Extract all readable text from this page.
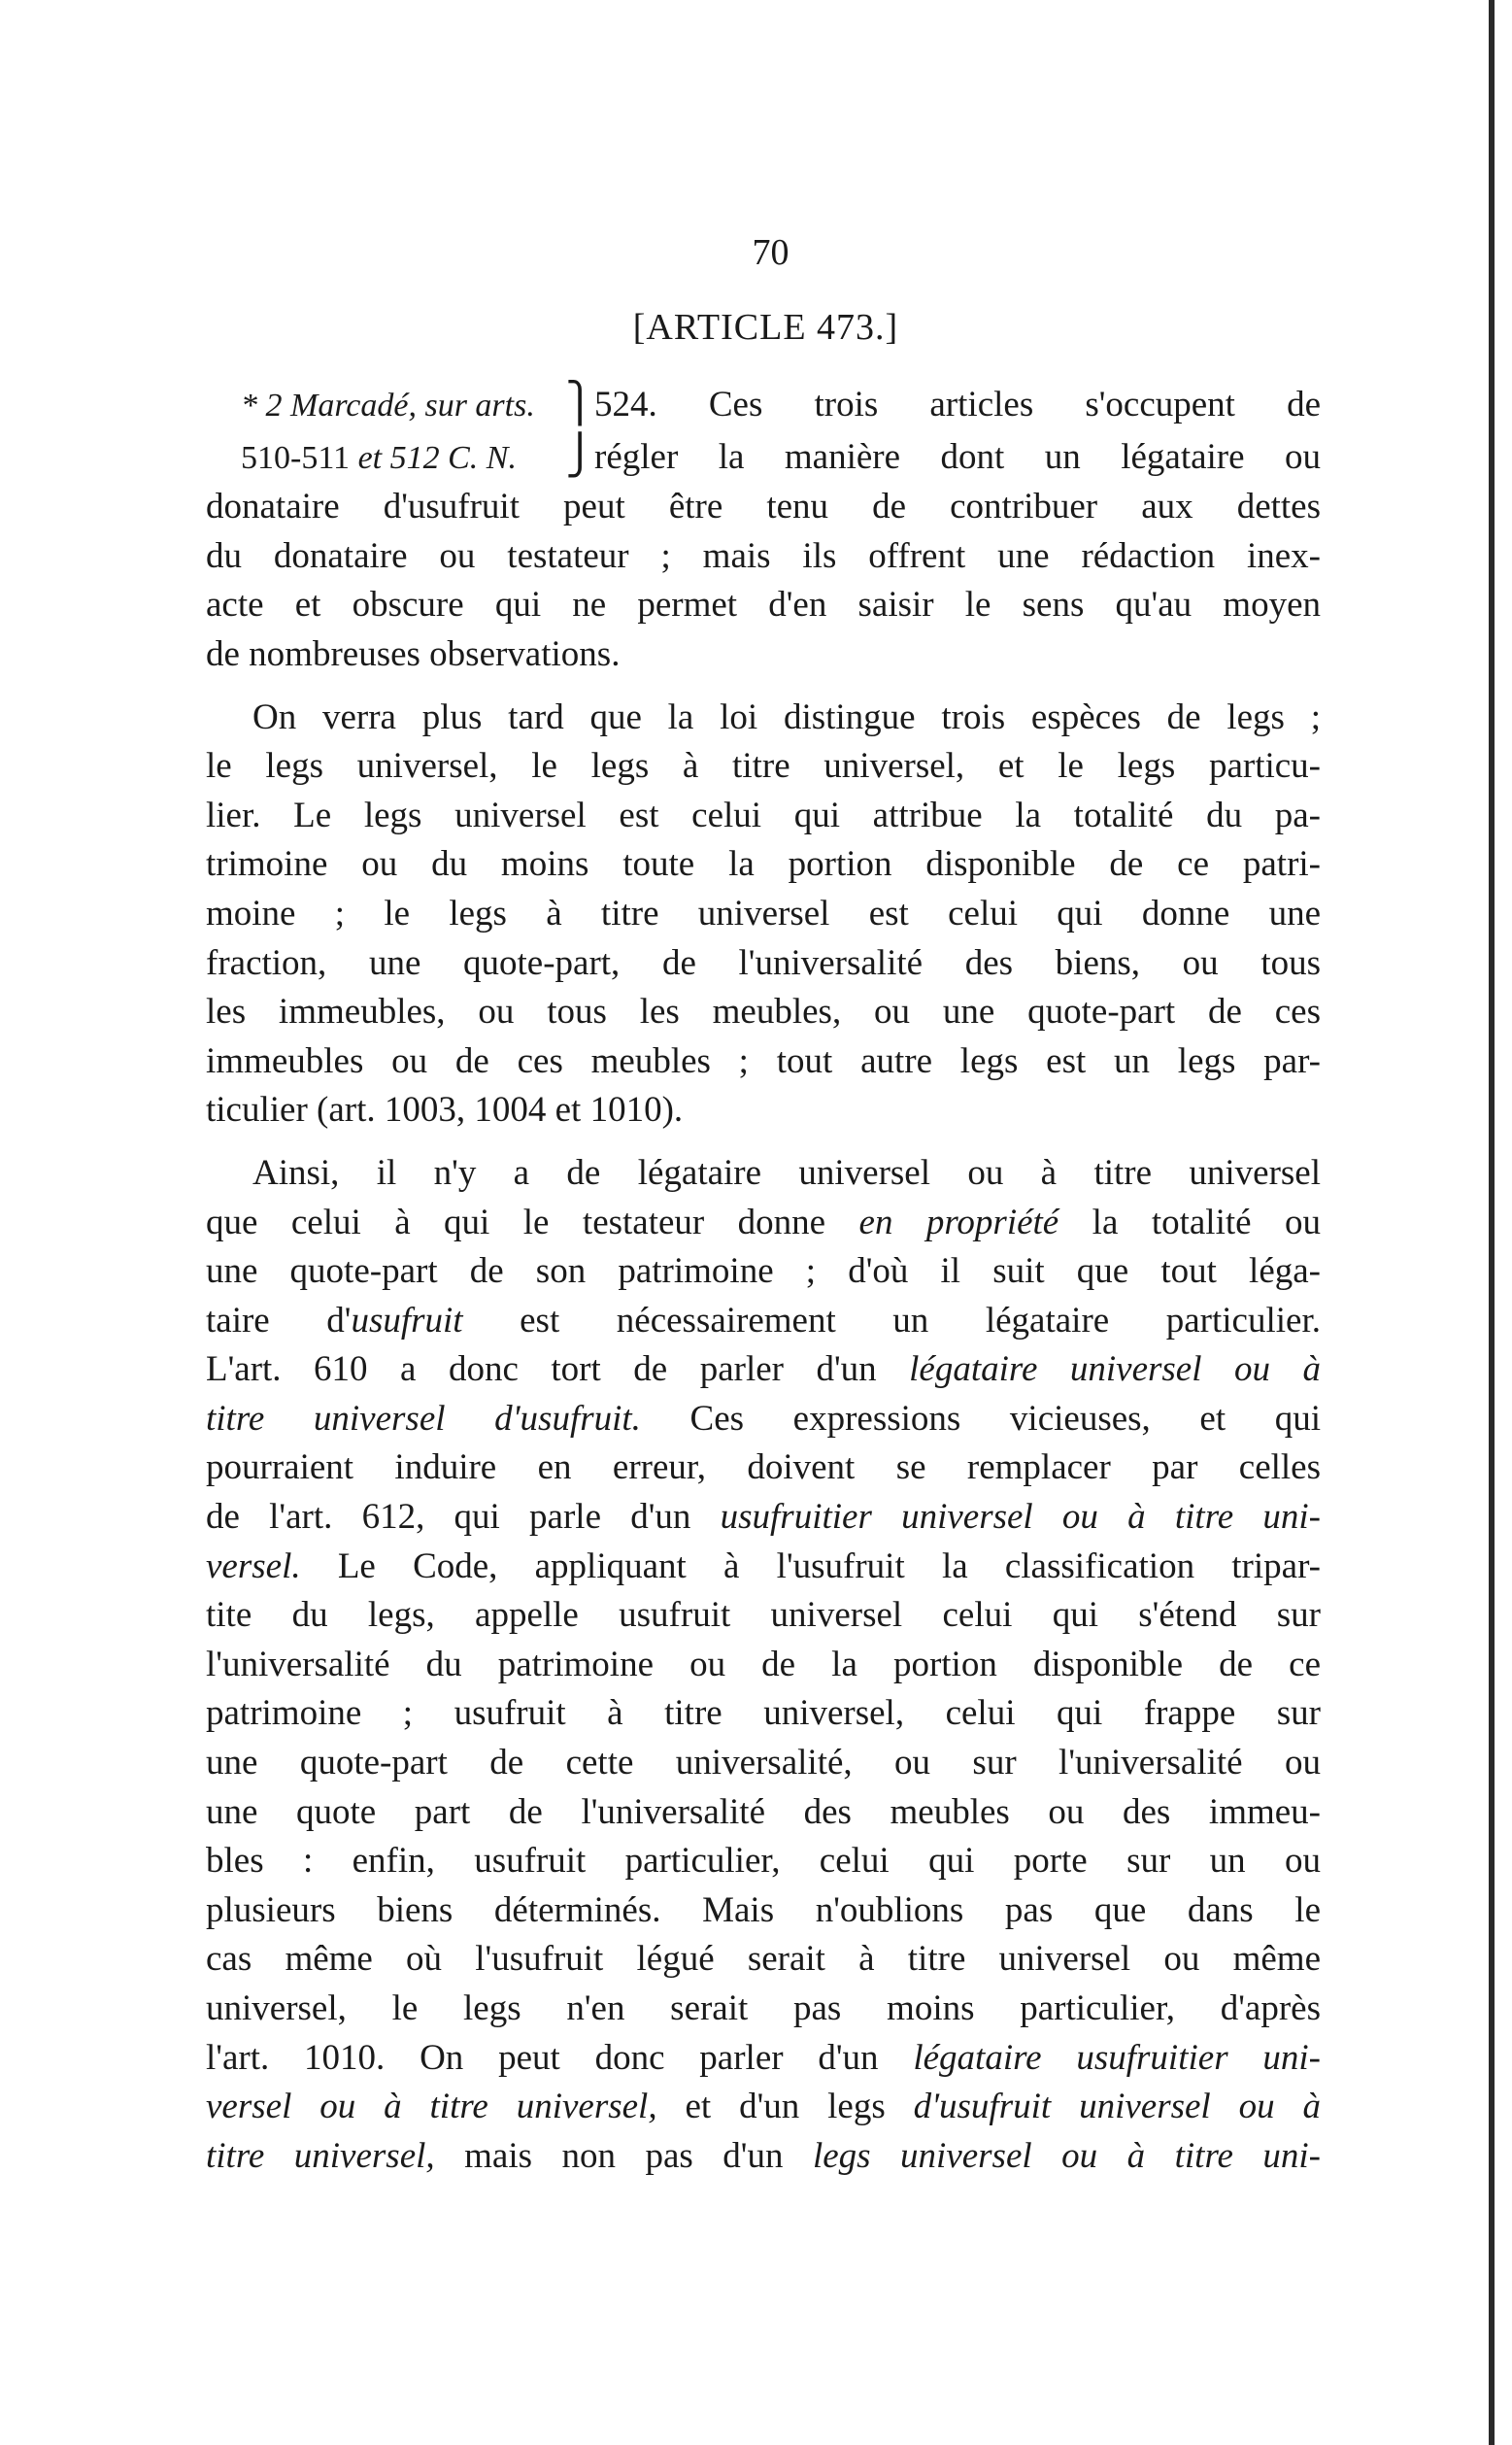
70
[ARTICLE 473.]
* 2 Marcadé, sur arts. ⎫ 524. Ces trois articles s'occupent de
510-511 et 512 C. N.	⎭ régler la manière dont un légataire ou
donataire d'usufruit peut être tenu de contribuer aux dettes
du donataire ou testateur ; mais ils offrent une rédaction inex-
acte et obscure qui ne permet d'en saisir le sens qu'au moyen
de nombreuses observations.
On verra plus tard que la loi distingue trois espèces de legs ;
le legs universel, le legs à titre universel, et le legs particu-
lier. Le legs universel est celui qui attribue la totalité du pa-
trimoine ou du moins toute la portion disponible de ce patri-
moine ; le legs à titre universel est celui qui donne une
fraction, une quote-part, de l'universalité des biens, ou tous
les immeubles, ou tous les meubles, ou une quote-part de ces
immeubles ou de ces meubles ; tout autre legs est un legs par-
ticulier (art. 1003, 1004 et 1010).
Ainsi, il n'y a de légataire universel ou à titre universel
que celui à qui le testateur donne en propriété la totalité ou
une quote-part de son patrimoine ; d'où il suit que tout léga-
taire d'usufruit est nécessairement un légataire particulier.
L'art. 610 a donc tort de parler d'un légataire universel ou à
titre universel d'usufruit. Ces expressions vicieuses, et qui
pourraient induire en erreur, doivent se remplacer par celles
de l'art. 612, qui parle d'un usufruitier universel ou à titre uni-
versel. Le Code, appliquant à l'usufruit la classification tripar-
tite du legs, appelle usufruit universel celui qui s'étend sur
l'universalité du patrimoine ou de la portion disponible de ce
patrimoine ; usufruit à titre universel, celui qui frappe sur
une quote-part de cette universalité, ou sur l'universalité ou
une quote part de l'universalité des meubles ou des immeu-
bles : enfin, usufruit particulier, celui qui porte sur un ou
plusieurs biens déterminés. Mais n'oublions pas que dans le
cas même où l'usufruit légué serait à titre universel ou même
universel, le legs n'en serait pas moins particulier, d'après
l'art. 1010. On peut donc parler d'un légataire usufruitier uni-
versel ou à titre universel, et d'un legs d'usufruit universel ou à
titre universel, mais non pas d'un legs universel ou à titre uni-
